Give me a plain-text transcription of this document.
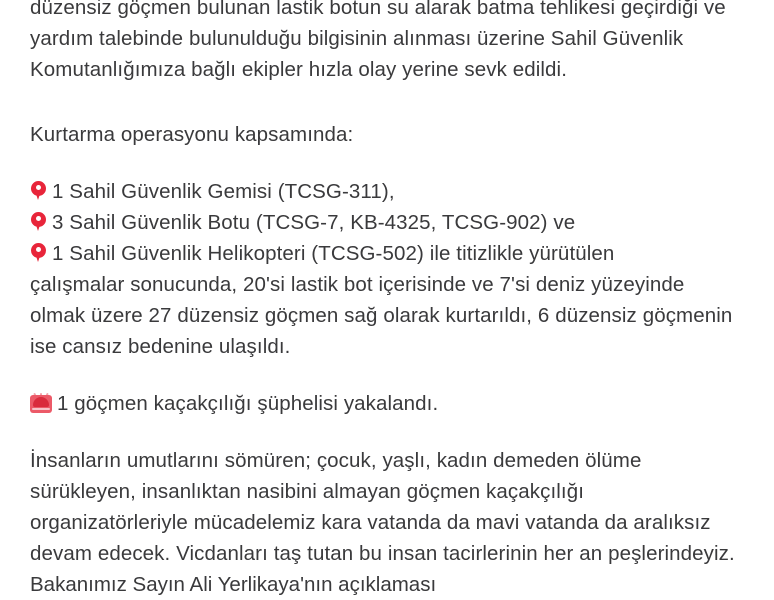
düzensiz göçmen bulunan lastik botun su alarak batma tehlikesi geçirdiği ve yardım talebinde bulunulduğu bilgisinin alınması üzerine Sahil Güvenlik Komutanlığımıza bağlı ekipler hızla olay yerine sevk edildi.

Kurtarma operasyonu kapsamında:

1 Sahil Güvenlik Gemisi (TCSG-311),

3 Sahil Güvenlik Botu (TCSG-7, KB-4325, TCSG-902) ve

1 Sahil Güvenlik Helikopteri (TCSG-502) ile titizlikle yürütülen

çalışmalar sonucunda, 20'si lastik bot içerisinde ve 7'si deniz yüzeyinde olmak üzere 27 düzensiz göçmen sağ olarak kurtarıldı, 6 düzensiz göçmenin ise cansız bedenine ulaşıldı.

1 göçmen kaçakçılığı şüphelisi yakalandı.

İnsanların umutlarını sömüren; çocuk, yaşlı, kadın demeden ölüme sürükleyen, insanlıktan nasibini almayan göçmen kaçakçılığı organizatörleriyle mücadelemiz kara vatanda da mavi vatanda da aralıksız devam edecek. Vicdanları taş tutan bu insan tacirlerinin her an peşlerindeyiz.

Bakanımız Sayın Ali Yerlikaya'nın açıklaması
